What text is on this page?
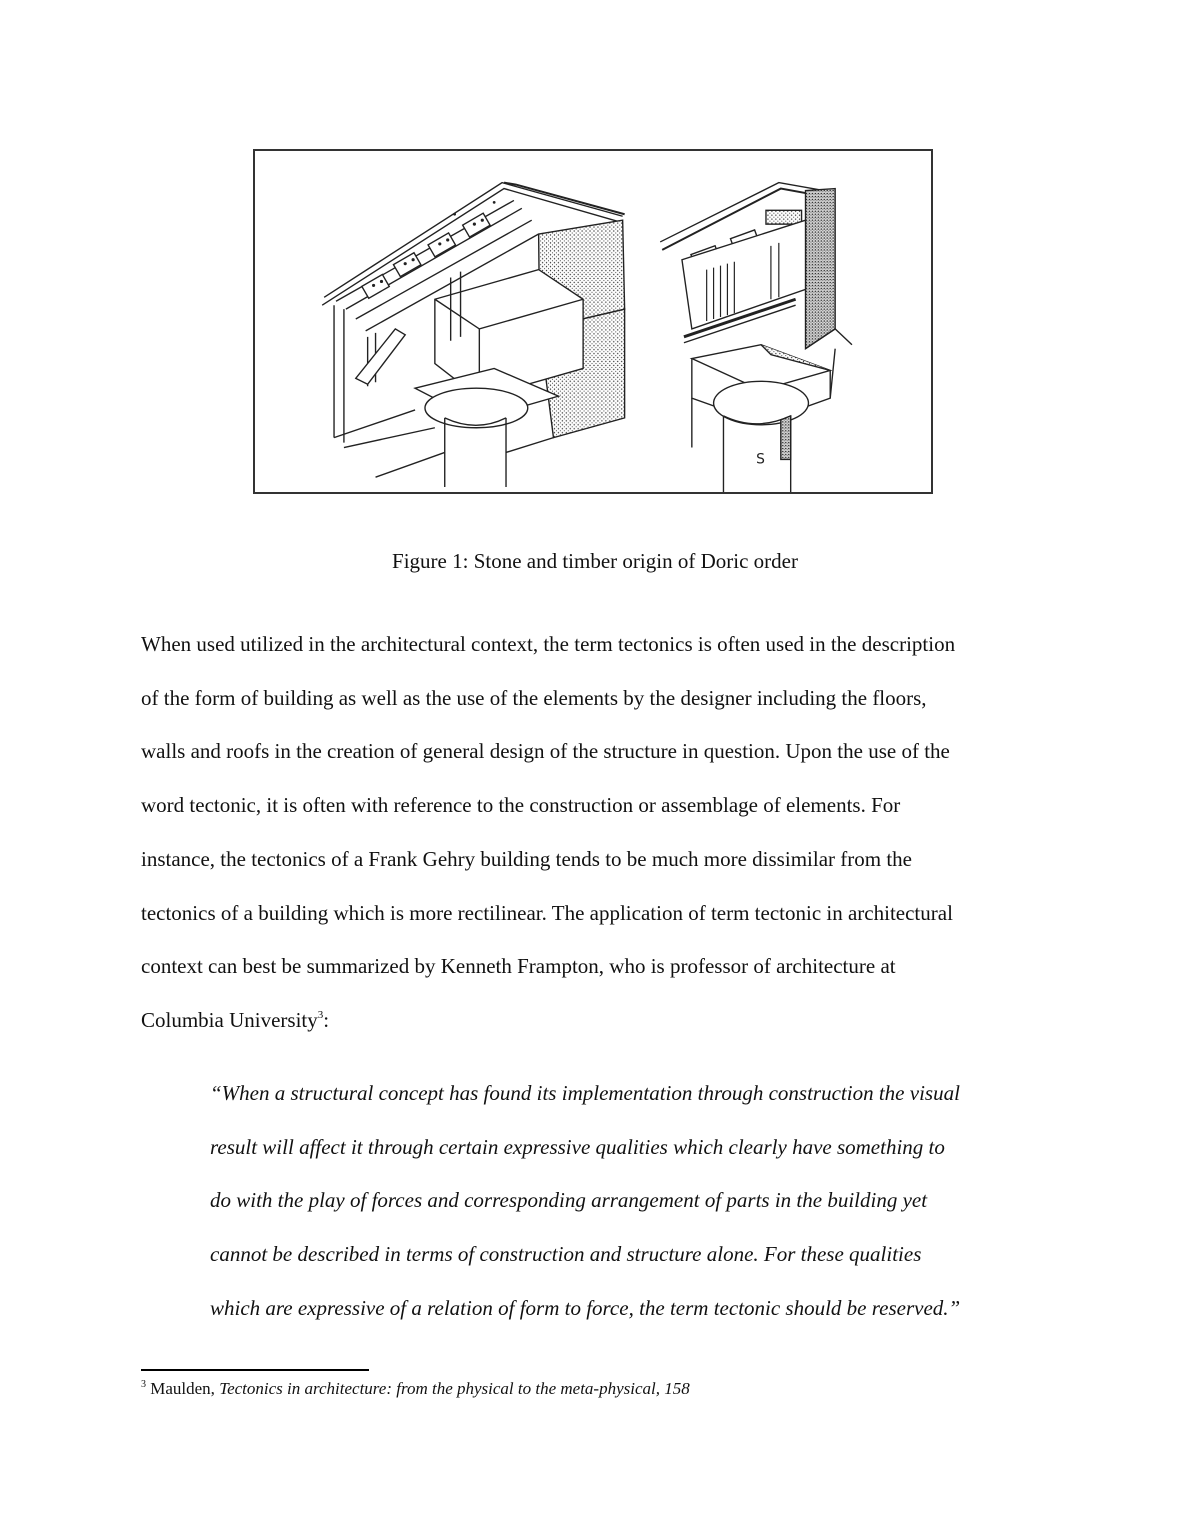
S
Figure 1: Stone and timber origin of Doric order

When used utilized in the architectural context, the term tectonics is often used in the description
of the form of building as well as the use of the elements by the designer including the floors,
walls and roofs in the creation of general design of the structure in question. Upon the use of the
word tectonic, it is often with reference to the construction or assemblage of elements. For
instance, the tectonics of a Frank Gehry building tends to be much more dissimilar from the
tectonics of a building which is more rectilinear. The application of term tectonic in architectural
context can best be summarized by Kenneth Frampton, who is professor of architecture at
Columbia University$^3$:

“When a structural concept has found its implementation through construction the visual
result will affect it through certain expressive qualities which clearly have something to
do with the play of forces and corresponding arrangement of parts in the building yet
cannot be described in terms of construction and structure alone. For these qualities
which are expressive of a relation of form to force, the term tectonic should be reserved.”
$^3$ Maulden, Tectonics in architecture: from the physical to the meta-physical, 158
